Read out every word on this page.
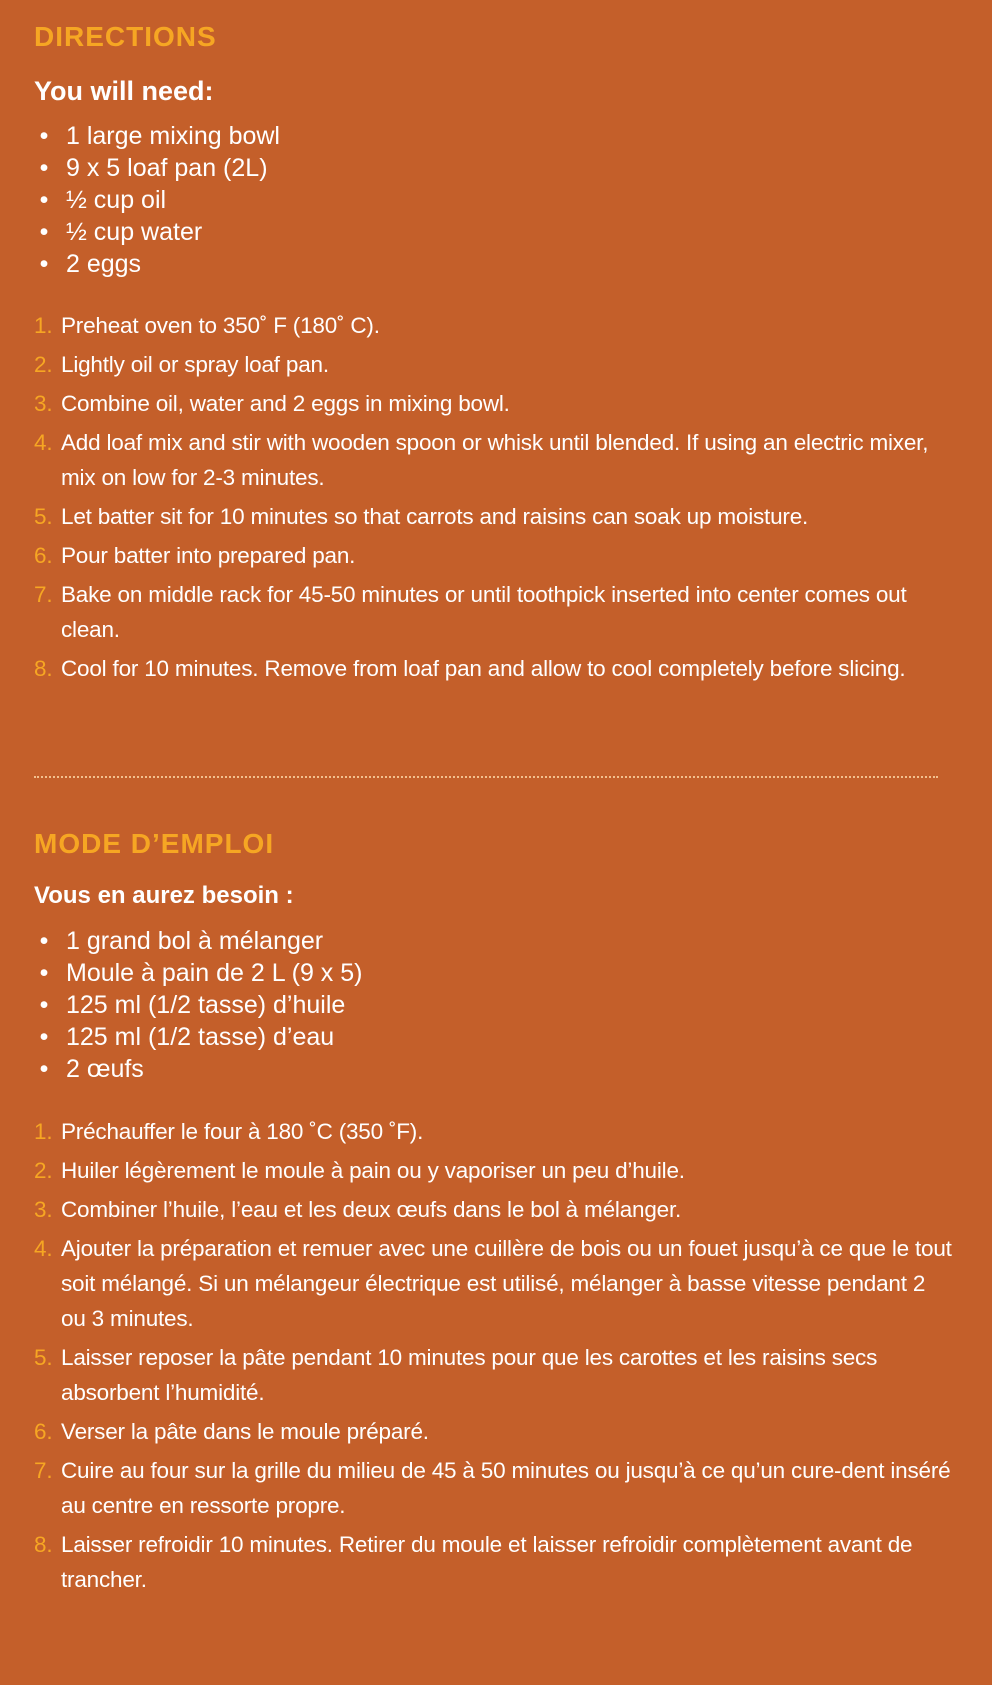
DIRECTIONS
You will need:
• 1 large mixing bowl
• 9 x 5 loaf pan (2L)
• ½ cup oil
• ½ cup water
• 2 eggs
1. Preheat oven to 350˚ F (180˚ C).
2. Lightly oil or spray loaf pan.
3. Combine oil, water and 2 eggs in mixing bowl.
4. Add loaf mix and stir with wooden spoon or whisk until blended. If using an electric mixer, mix on low for 2-3 minutes.
5. Let batter sit for 10 minutes so that carrots and raisins can soak up moisture.
6. Pour batter into prepared pan.
7. Bake on middle rack for 45-50 minutes or until toothpick inserted into center comes out clean.
8. Cool for 10 minutes. Remove from loaf pan and allow to cool completely before slicing.
MODE D’EMPLOI
Vous en aurez besoin :
• 1 grand bol à mélanger
• Moule à pain de 2 L (9 x 5)
• 125 ml (1/2 tasse) d’huile
• 125 ml (1/2 tasse) d’eau
• 2 œufs
1. Préchauffer le four à 180 ˚C (350 ˚F).
2. Huiler légèrement le moule à pain ou y vaporiser un peu d’huile.
3. Combiner l’huile, l’eau et les deux œufs dans le bol à mélanger.
4. Ajouter la préparation et remuer avec une cuillère de bois ou un fouet jusqu’à ce que le tout soit mélangé. Si un mélangeur électrique est utilisé, mélanger à basse vitesse pendant 2 ou 3 minutes.
5. Laisser reposer la pâte pendant 10 minutes pour que les carottes et les raisins secs absorbent l’humidité.
6. Verser la pâte dans le moule préparé.
7. Cuire au four sur la grille du milieu de 45 à 50 minutes ou jusqu’à ce qu’un cure-dent inséré au centre en ressorte propre.
8. Laisser refroidir 10 minutes. Retirer du moule et laisser refroidir complètement avant de trancher.
